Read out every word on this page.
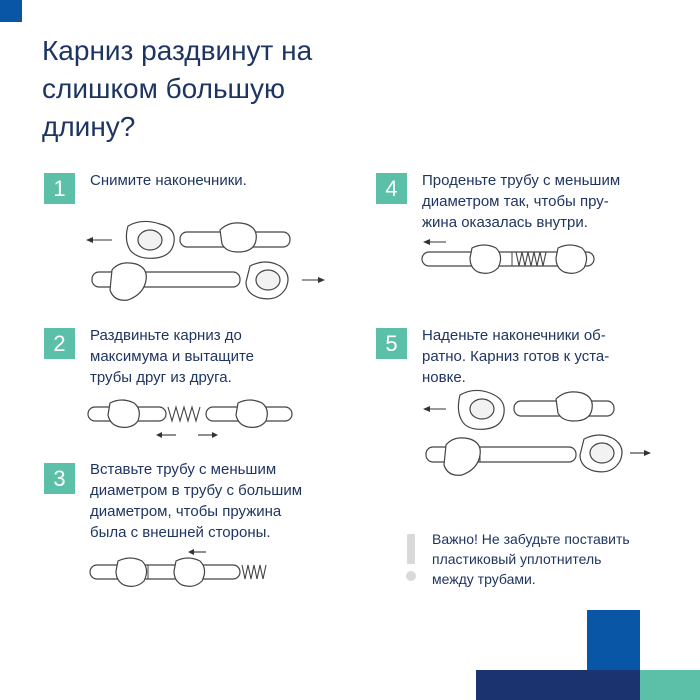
Карниз раздвинут на
слишком большую
длину?
1	Снимите наконечники.
2	Раздвиньте карниз до
максимума и вытащите
трубы друг из друга.
3	Вставьте трубу с меньшим
диаметром в трубу с большим
диаметром, чтобы пружина
была с внешней стороны.
4	Проденьте трубу с меньшим
диаметром так, чтобы пру-
жина оказалась внутри.
5	Наденьте наконечники об-
ратно. Карниз готов к уста-
новке.
Важно! Не забудьте поставить
пластиковый уплотнитель
между трубами.
